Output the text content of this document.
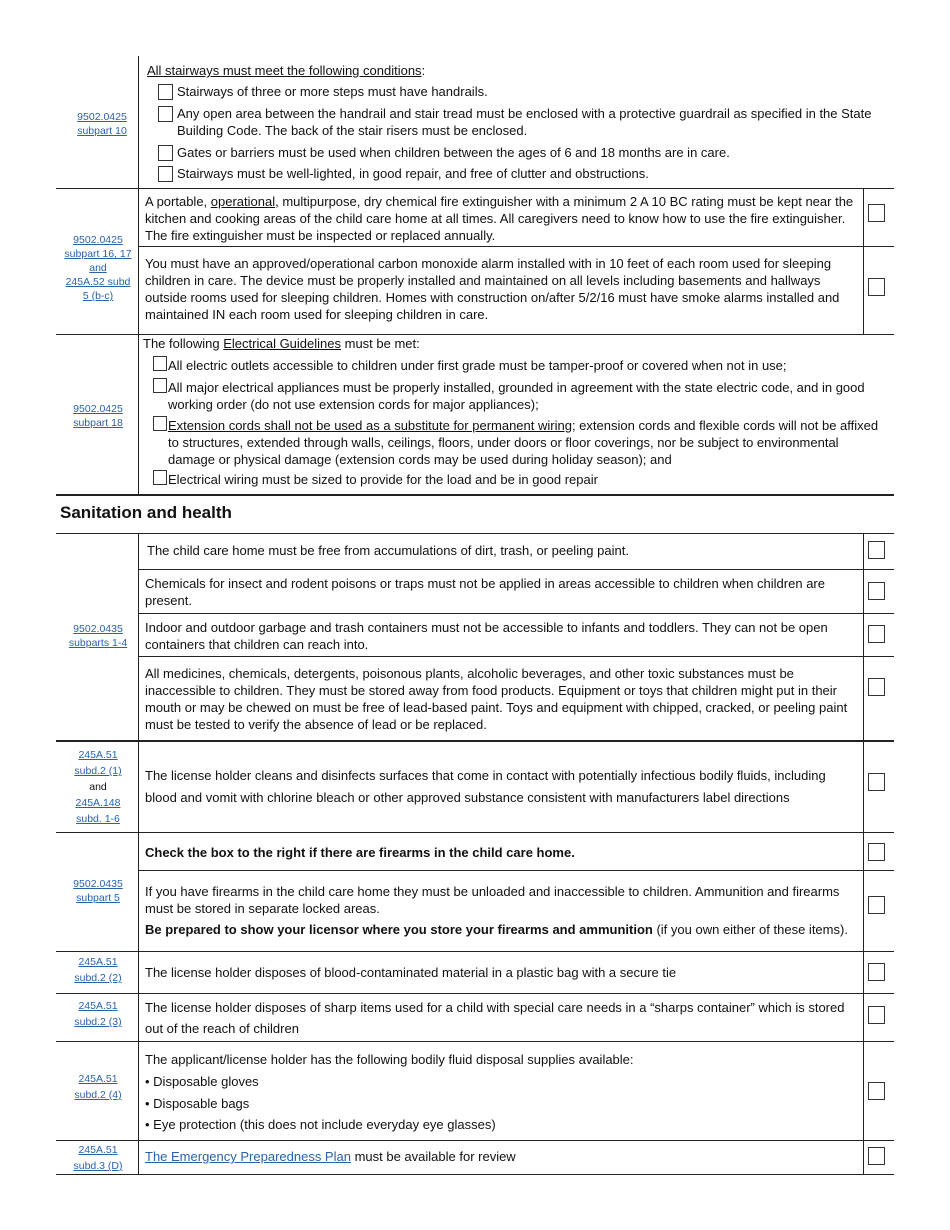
9502.0425
subpart 10
All stairways must meet the following conditions:
Stairways of three or more steps must have handrails.
Any open area between the handrail and stair tread must be enclosed with a protective guardrail as specified in the State Building Code. The back of the stair risers must be enclosed.
Gates or barriers must be used when children between the ages of 6 and 18 months are in care.
Stairways must be well-lighted, in good repair, and free of clutter and obstructions.
9502.0425
subpart 16, 17
and
245A.52 subd
5 (b-c)
A portable, operational, multipurpose, dry chemical fire extinguisher with a minimum 2 A 10 BC rating must be kept near the kitchen and cooking areas of the child care home at all times. All caregivers need to know how to use the fire extinguisher. The fire extinguisher must be inspected or replaced annually.
You must have an approved/operational carbon monoxide alarm installed with in 10 feet of each room used for sleeping children in care. The device must be properly installed and maintained on all levels including basements and hallways outside rooms used for sleeping children. Homes with construction on/after 5/2/16 must have smoke alarms installed and maintained IN each room used for sleeping children in care.
9502.0425
subpart 18
The following Electrical Guidelines must be met:
All electric outlets accessible to children under first grade must be tamper-proof or covered when not in use;
All major electrical appliances must be properly installed, grounded in agreement with the state electric code, and in good working order (do not use extension cords for major appliances);
Extension cords shall not be used as a substitute for permanent wiring; extension cords and flexible cords will not be affixed to structures, extended through walls, ceilings, floors, under doors or floor coverings, nor be subject to environmental damage or physical damage (extension cords may be used during holiday season); and
Electrical wiring must be sized to provide for the load and be in good repair
Sanitation and health
9502.0435
subparts 1-4
The child care home must be free from accumulations of dirt, trash, or peeling paint.
Chemicals for insect and rodent poisons or traps must not be applied in areas accessible to children when children are present.
Indoor and outdoor garbage and trash containers must not be accessible to infants and toddlers. They can not be open containers that children can reach into.
All medicines, chemicals, detergents, poisonous plants, alcoholic beverages, and other toxic substances must be inaccessible to children. They must be stored away from food products. Equipment or toys that children might put in their mouth or may be chewed on must be free of lead-based paint. Toys and equipment with chipped, cracked, or peeling paint must be tested to verify the absence of lead or be replaced.
245A.51
subd.2 (1)
and
245A.148
subd. 1-6
The license holder cleans and disinfects surfaces that come in contact with potentially infectious bodily fluids, including blood and vomit with chlorine bleach or other approved substance consistent with manufacturers label directions
9502.0435
subpart 5
Check the box to the right if there are firearms in the child care home.
If you have firearms in the child care home they must be unloaded and inaccessible to children. Ammunition and firearms must be stored in separate locked areas.
Be prepared to show your licensor where you store your firearms and ammunition (if you own either of these items).
245A.51
subd.2 (2)	The license holder disposes of blood-contaminated material in a plastic bag with a secure tie
245A.51
subd.2 (3)
The license holder disposes of sharp items used for a child with special care needs in a “sharps container” which is stored out of the reach of children
245A.51
subd.2 (4)
The applicant/license holder has the following bodily fluid disposal supplies available:
• Disposable gloves
• Disposable bags
• Eye protection (this does not include everyday eye glasses)
245A.51
subd.3 (D)
The Emergency Preparedness Plan must be available for review
